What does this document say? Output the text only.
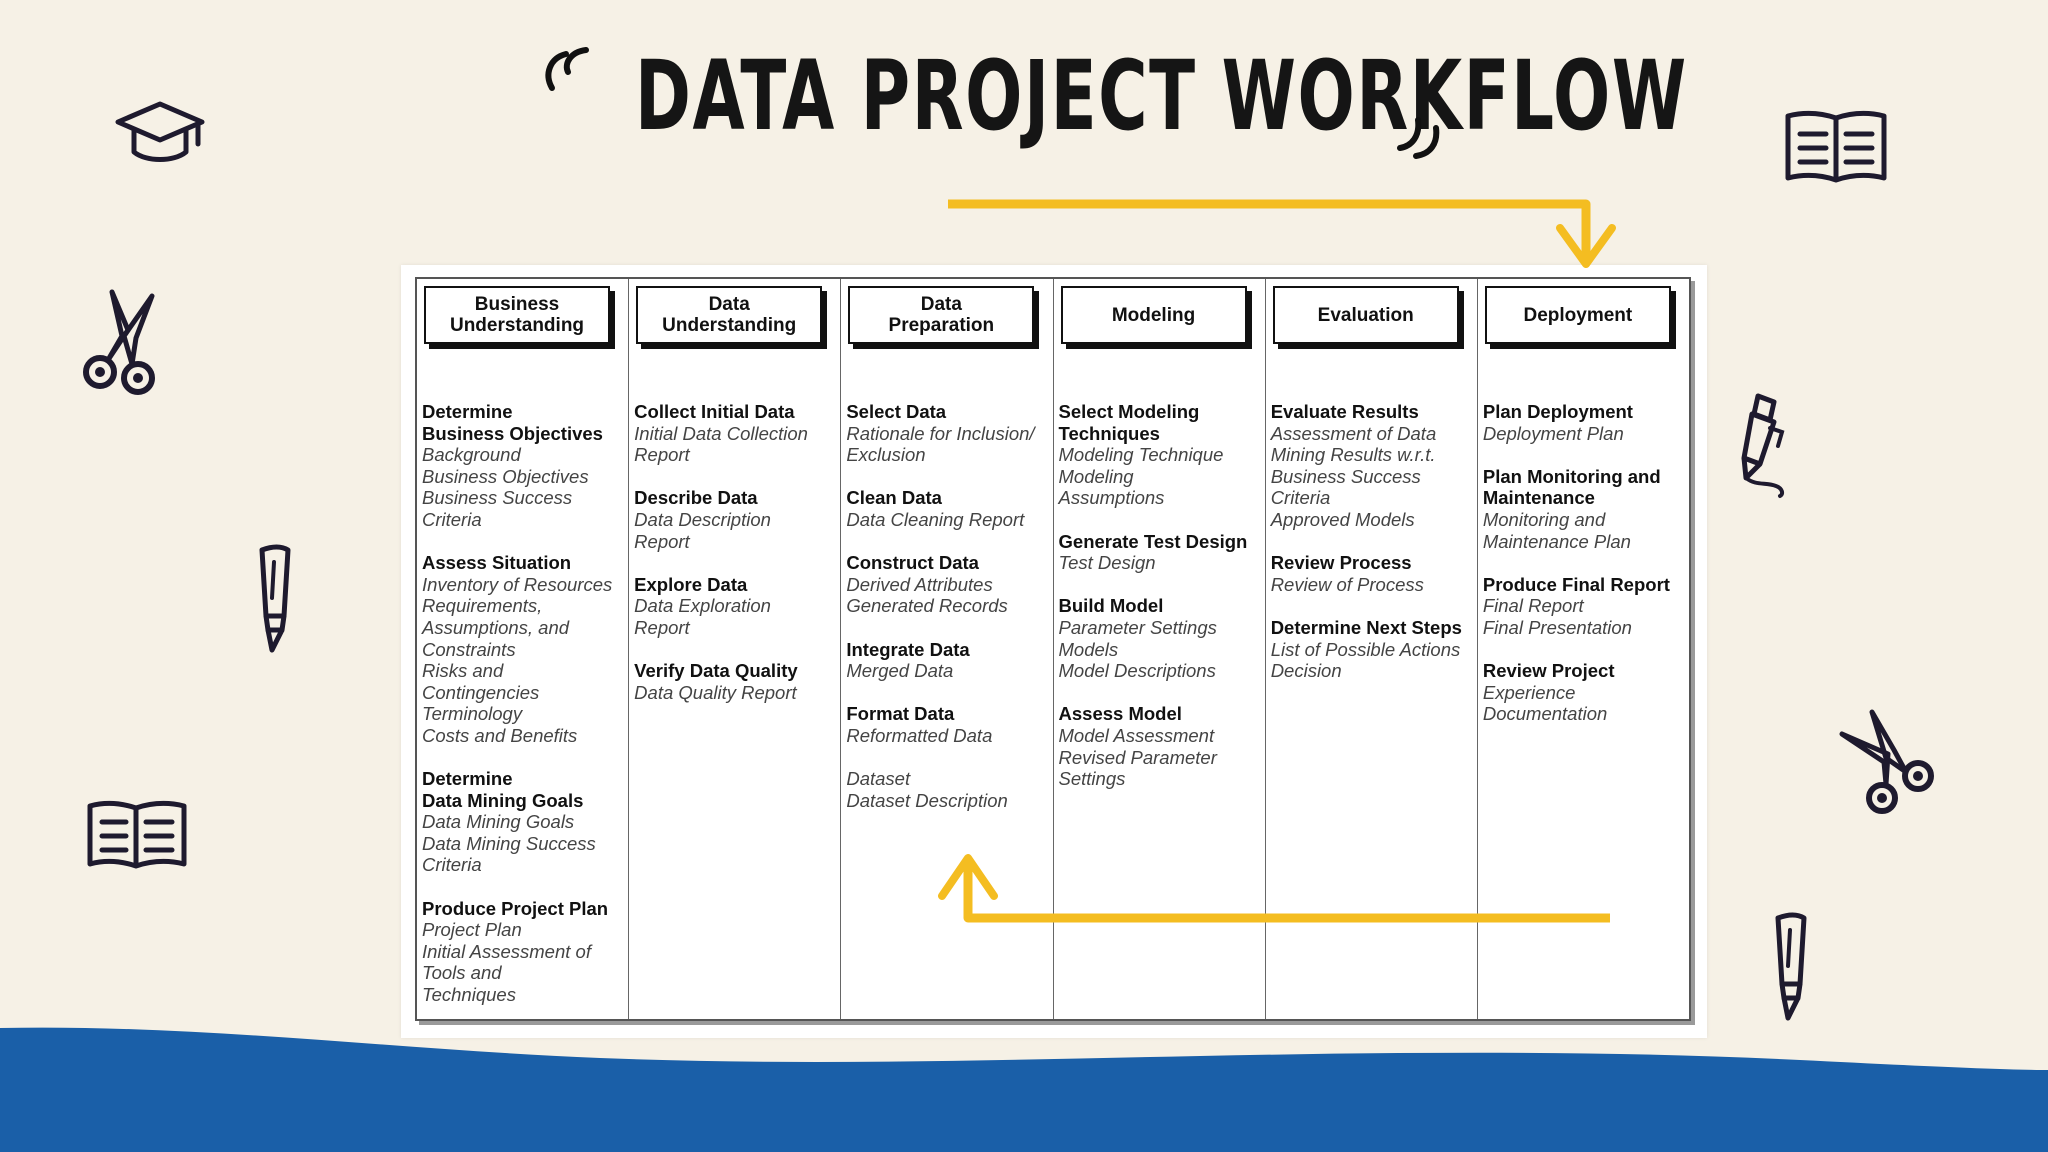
DATA PROJECT WORKFLOW
Business
Understanding
Determine
Business Objectives
Background
Business Objectives
Business Success
Criteria
Assess Situation
Inventory of Resources
Requirements,
Assumptions, and
Constraints
Risks and
Contingencies
Terminology
Costs and Benefits
Determine
Data Mining Goals
Data Mining Goals
Data Mining Success
Criteria
Produce Project Plan
Project Plan
Initial Assessment of
Tools and
Techniques
Data
Understanding
Collect Initial Data
Initial Data Collection
Report
Describe Data
Data Description
Report
Explore Data
Data Exploration
Report
Verify Data Quality
Data Quality Report
Data
Preparation
Select Data
Rationale for Inclusion/
Exclusion
Clean Data
Data Cleaning Report
Construct Data
Derived Attributes
Generated Records
Integrate Data
Merged Data
Format Data
Reformatted Data
Dataset
Dataset Description
Modeling
Select Modeling
Techniques
Modeling Technique
Modeling
Assumptions
Generate Test Design
Test Design
Build Model
Parameter Settings
Models
Model Descriptions
Assess Model
Model Assessment
Revised Parameter
Settings
Evaluation
Evaluate Results
Assessment of Data
Mining Results w.r.t.
Business Success
Criteria
Approved Models
Review Process
Review of Process
Determine Next Steps
List of Possible Actions
Decision
Deployment
Plan Deployment
Deployment Plan
Plan Monitoring and
Maintenance
Monitoring and
Maintenance Plan
Produce Final Report
Final Report
Final Presentation
Review Project
Experience
Documentation
